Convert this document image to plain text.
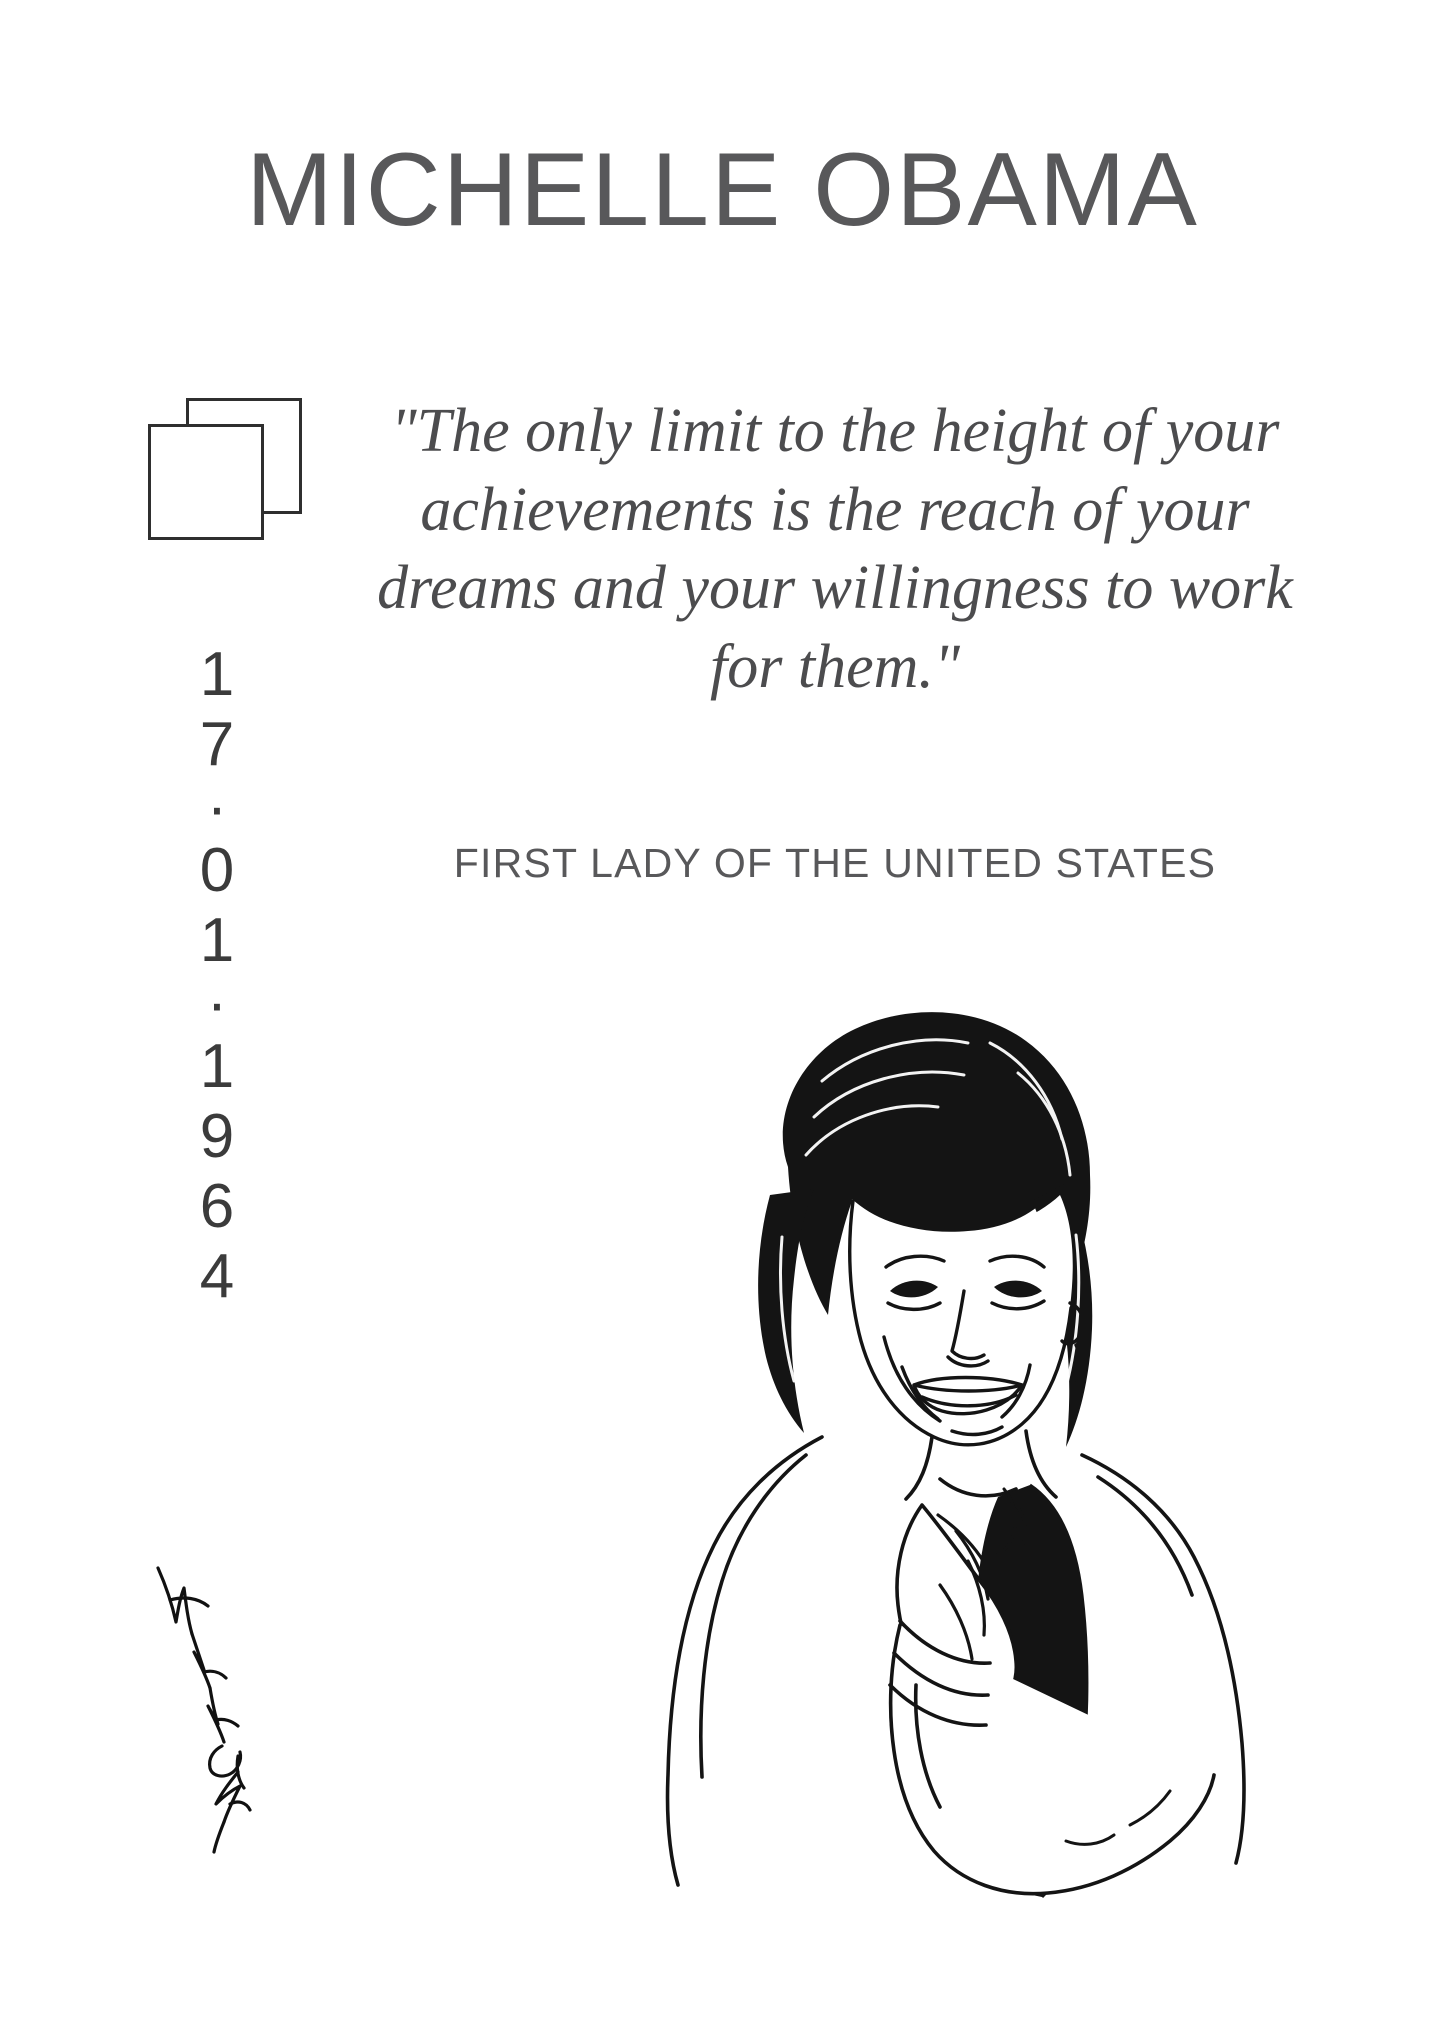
MICHELLE OBAMA
1
7
·
0
1
·
1
9
6
4
"The only limit to the height of your achievements is the reach of your dreams and your willingness to work for them."
FIRST LADY OF THE UNITED STATES
